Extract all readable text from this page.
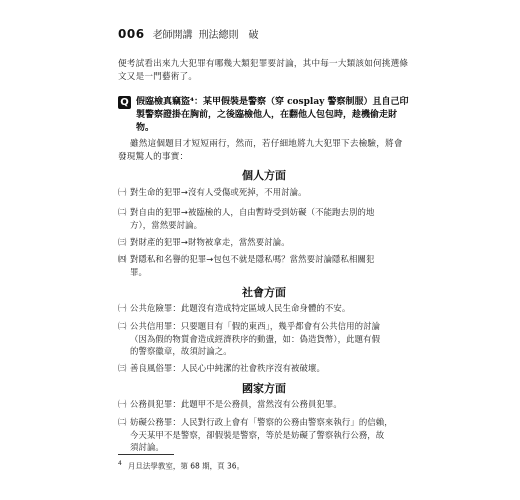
006 老師開講 刑法總則　破
便考試看出來九大犯罪有哪幾大類犯罪要討論，其中每一大類該如何挑選條
文又是一門藝術了。
Q 假臨檢真竊盜⁴：某甲假裝是警察（穿 cosplay 警察制服）且自己印
製警察證掛在胸前，之後臨檢他人，在翻他人包包時，趁機偷走財
物。
雖然這個題目才短短兩行，然而，若仔細地將九大犯罪下去檢驗，將會
發現驚人的事實：
個人方面
㈠ 對生命的犯罪→沒有人受傷或死掉，不用討論。
㈡ 對自由的犯罪→被臨檢的人，自由暫時受到妨礙（不能跑去別的地
方），當然要討論。
㈢ 對財產的犯罪→財物被拿走，當然要討論。
㈣ 對隱私和名譽的犯罪→包包不就是隱私嗎？當然要討論隱私相關犯
罪。
社會方面
㈠ 公共危險罪：此題沒有造成特定區域人民生命身體的不安。
㈡ 公共信用罪：只要題目有「假的東西」，幾乎都會有公共信用的討論
（因為假的物質會造成經濟秩序的動盪，如：偽造貨幣），此題有假
的警察徽章，故須討論之。
㈢ 善良風俗罪：人民心中純潔的社會秩序沒有被破壞。
國家方面
㈠ 公務員犯罪：此題甲不是公務員，當然沒有公務員犯罪。
㈡ 妨礙公務罪：人民對行政上會有「警察的公務由警察來執行」的信賴，
今天某甲不是警察，卻假裝是警察，等於是妨礙了警察執行公務，故
須討論。
$^4$ 月旦法學教室，第 68 期，頁 36。
